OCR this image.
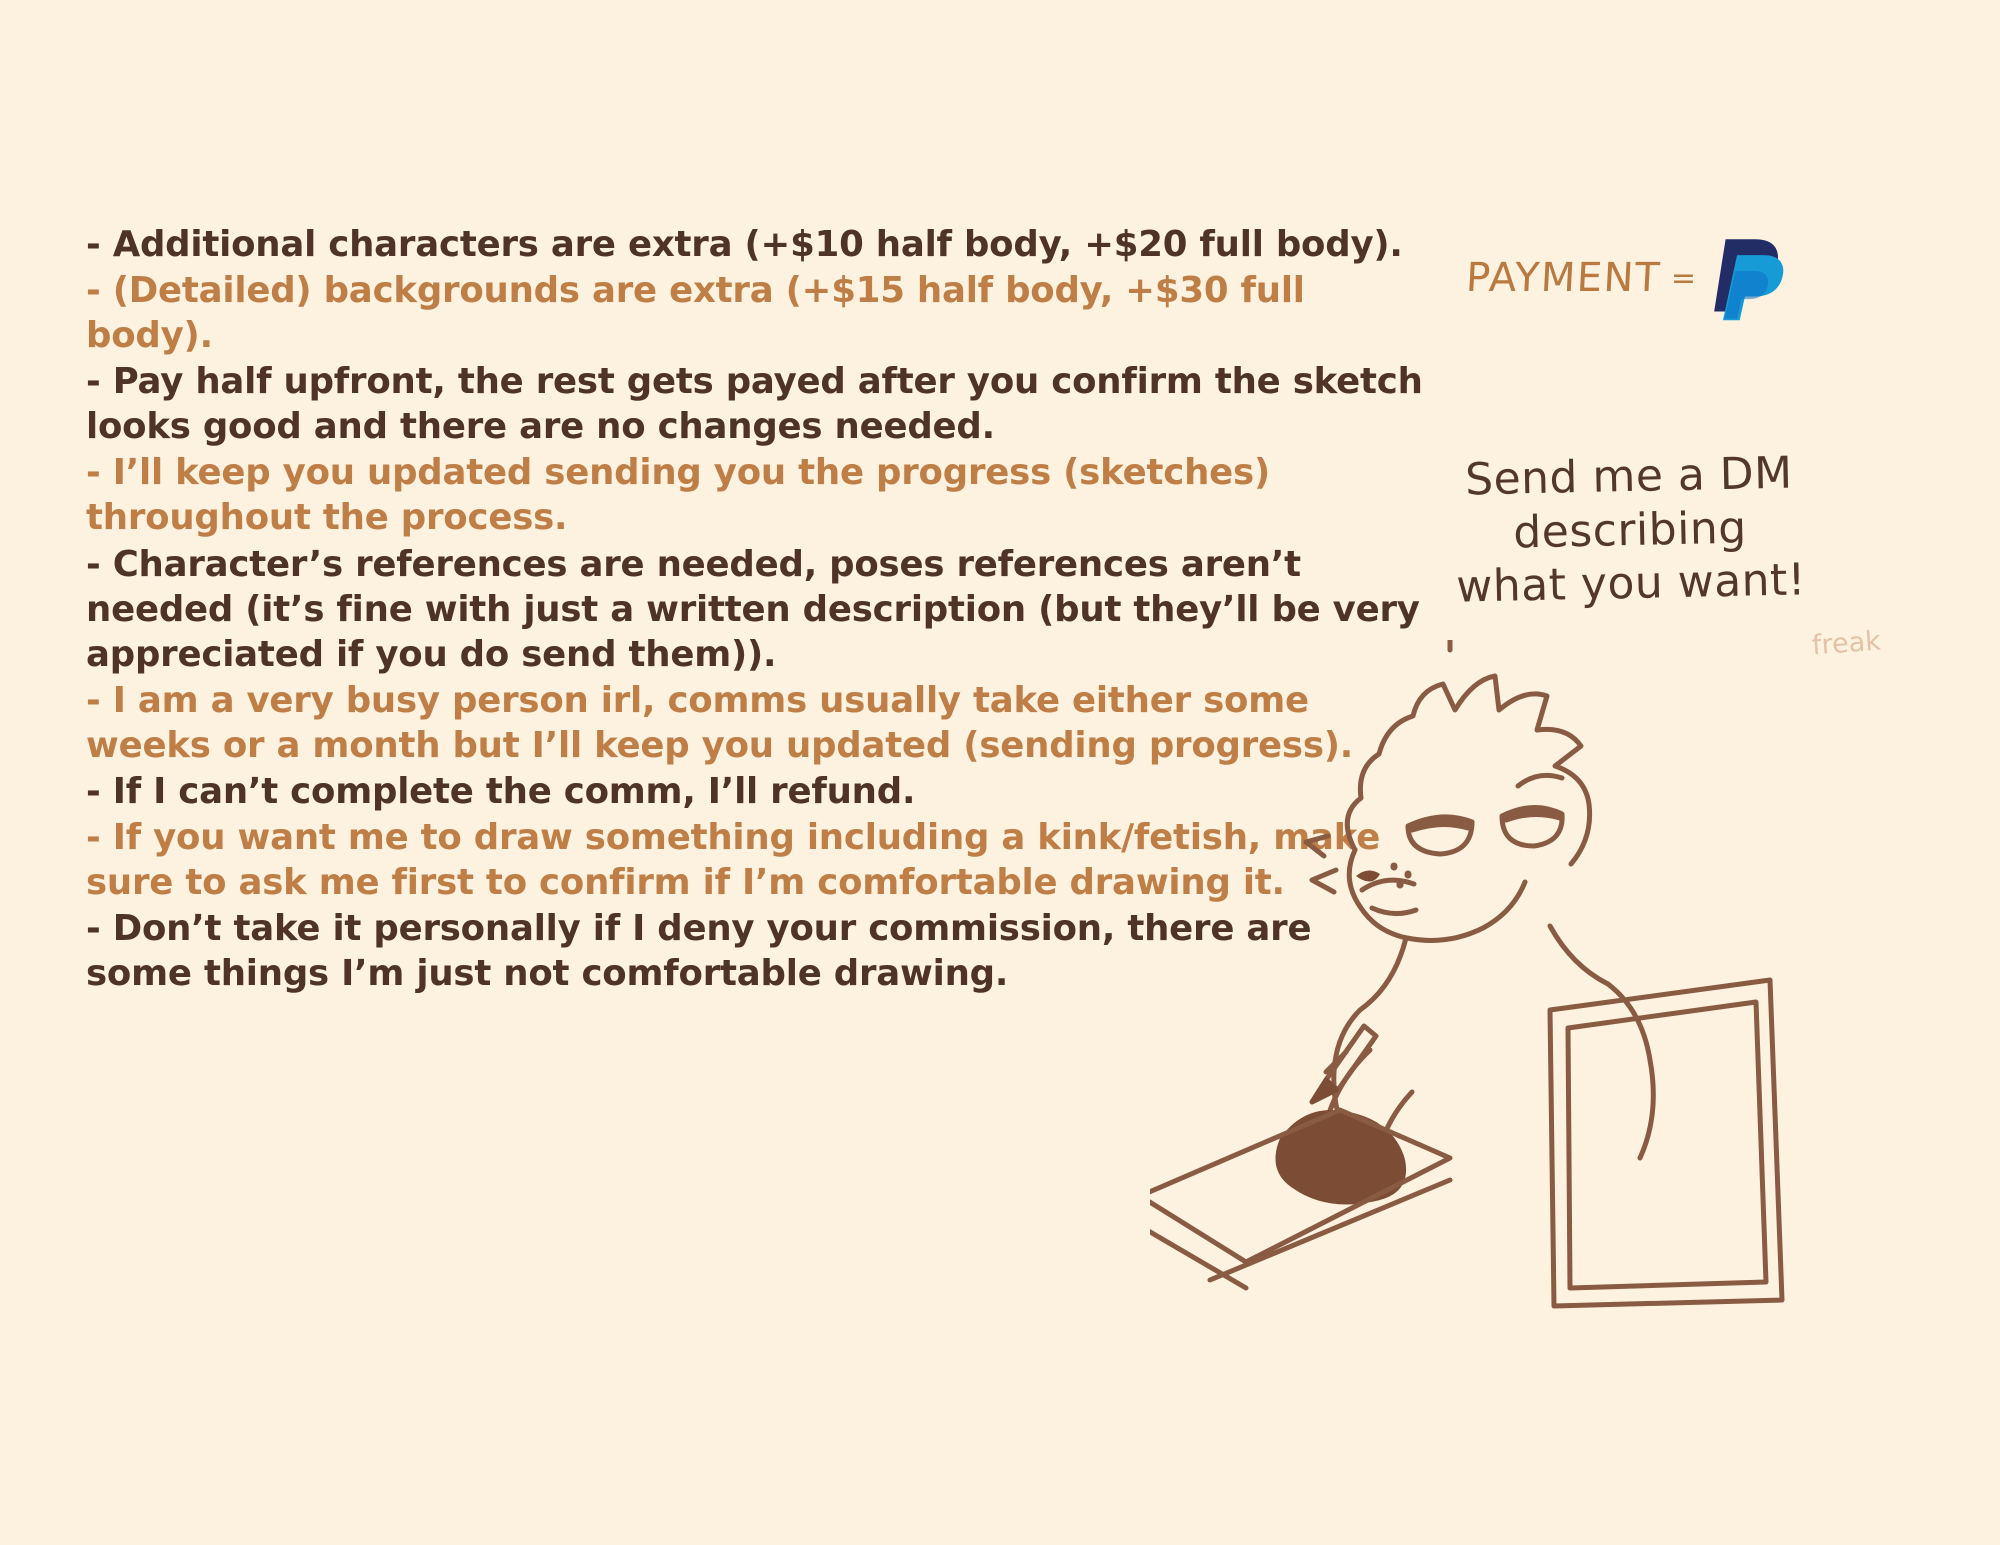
- Additional characters are extra (+$10 half body, +$20 full body).

- (Detailed) backgrounds are extra (+$15 half body, +$30 full body).

- Pay half upfront, the rest gets payed after you confirm the sketch looks good and there are no changes needed.

- I’ll keep you updated sending you the progress (sketches) throughout the process.

- Character’s references are needed, poses references aren’t needed (it’s fine with just a written description (but they’ll be very appreciated if you do send them)).

- I am a very busy person irl, comms usually take either some weeks or a month but I’ll keep you updated (sending progress).

- If I can’t complete the comm, I’ll refund.

- If you want me to draw something including a kink/fetish, make sure to ask me first to confirm if I’m comfortable drawing it.

- Don’t take it personally if I deny your commission, there are some things I’m just not comfortable drawing.

PAYMENT =
Send me a DM
describing
what you want!
freak
